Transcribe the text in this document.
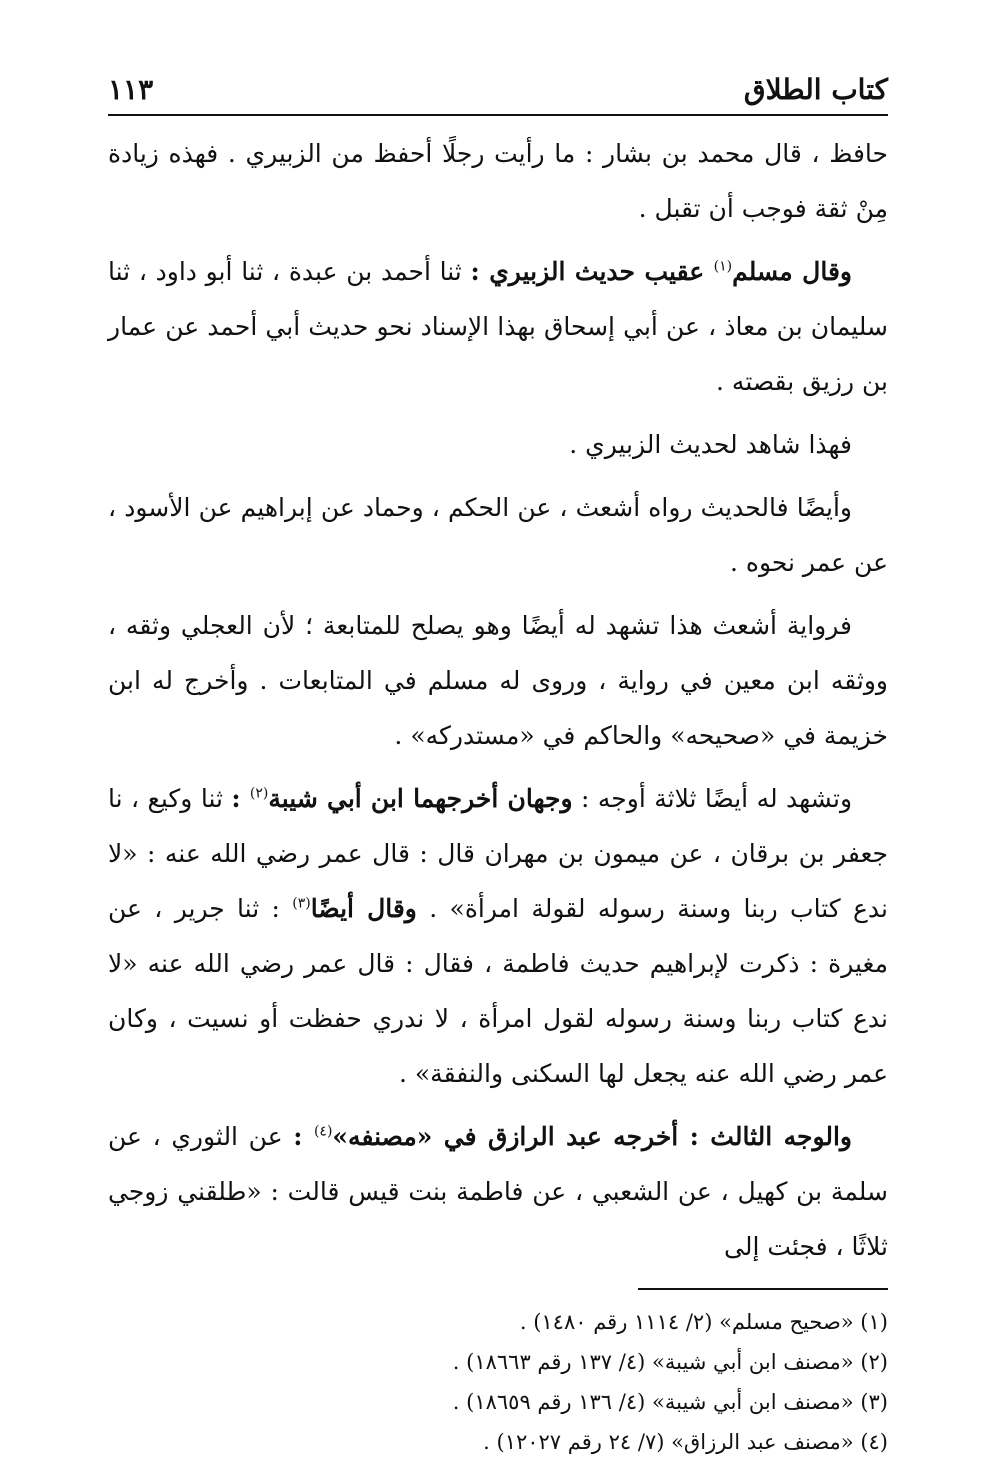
كتاب الطلاق
١١٣

حافظ ، قال محمد بن بشار : ما رأيت رجلًا أحفظ من الزبيري . فهذه زيادة مِنْ ثقة فوجب أن تقبل .

وقال مسلم$^{(١)}$ عقيب حديث الزبيري : ثنا أحمد بن عبدة ، ثنا أبو داود ، ثنا سليمان بن معاذ ، عن أبي إسحاق بهذا الإسناد نحو حديث أبي أحمد عن عمار بن رزيق بقصته .

فهذا شاهد لحديث الزبيري .

وأيضًا فالحديث رواه أشعث ، عن الحكم ، وحماد عن إبراهيم عن الأسود ، عن عمر نحوه .

فرواية أشعث هذا تشهد له أيضًا وهو يصلح للمتابعة ؛ لأن العجلي وثقه ، ووثقه ابن معين في رواية ، وروى له مسلم في المتابعات . وأخرج له ابن خزيمة في «صحيحه» والحاكم في «مستدركه» .

وتشهد له أيضًا ثلاثة أوجه : وجهان أخرجهما ابن أبي شيبة$^{(٢)}$ : ثنا وكيع ، نا جعفر بن برقان ، عن ميمون بن مهران قال : قال عمر رضي الله عنه : «لا ندع كتاب ربنا وسنة رسوله لقولة امرأة» . وقال أيضًا$^{(٣)}$ : ثنا جرير ، عن مغيرة : ذكرت لإبراهيم حديث فاطمة ، فقال : قال عمر رضي الله عنه «لا ندع كتاب ربنا وسنة رسوله لقول امرأة ، لا ندري حفظت أو نسيت ، وكان عمر رضي الله عنه يجعل لها السكنى والنفقة» .

والوجه الثالث : أخرجه عبد الرازق في «مصنفه»$^{(٤)}$ : عن الثوري ، عن سلمة بن كهيل ، عن الشعبي ، عن فاطمة بنت قيس قالت : «طلقني زوجي ثلاثًا ، فجئت إلى

(١) «صحيح مسلم» (٢/ ١١١٤ رقم ١٤٨٠) .
(٢) «مصنف ابن أبي شيبة» (٤/ ١٣٧ رقم ١٨٦٦٣) .
(٣) «مصنف ابن أبي شيبة» (٤/ ١٣٦ رقم ١٨٦٥٩) .
(٤) «مصنف عبد الرزاق» (٧/ ٢٤ رقم ١٢٠٢٧) .
